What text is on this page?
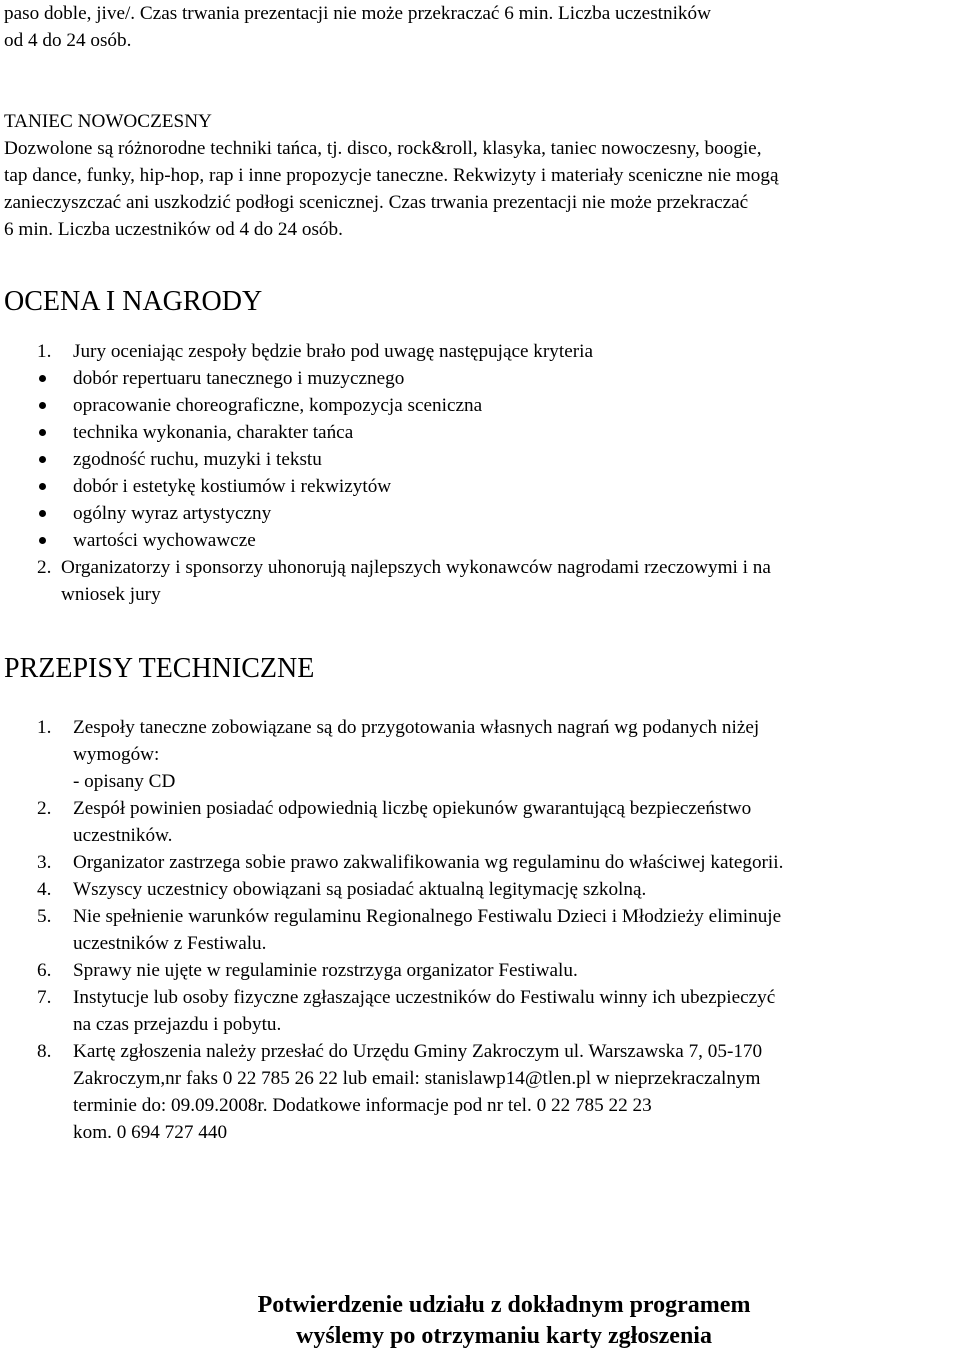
paso doble, jive/. Czas trwania prezentacji nie może przekraczać 6 min. Liczba uczestników

od 4 do 24 osób.

TANIEC NOWOCZESNY

Dozwolone są różnorodne techniki tańca, tj. disco, rock&roll, klasyka, taniec nowoczesny, boogie,

tap dance, funky, hip-hop, rap i inne propozycje taneczne. Rekwizyty i materiały sceniczne nie mogą

zanieczyszczać ani uszkodzić podłogi scenicznej. Czas trwania prezentacji nie może przekraczać

6 min. Liczba uczestników od 4 do 24 osób.

OCENA I NAGRODY

1. Jury oceniając zespoły będzie brało pod uwagę następujące kryteria
dobór repertuaru tanecznego i muzycznego
opracowanie choreograficzne, kompozycja sceniczna
technika wykonania, charakter tańca
zgodność ruchu, muzyki i tekstu
dobór i estetykę kostiumów i rekwizytów
ogólny wyraz artystyczny
wartości wychowawcze

2. Organizatorzy i sponsorzy uhonorują najlepszych wykonawców nagrodami rzeczowymi i na

wniosek jury

PRZEPISY TECHNICZNE

1. Zespoły taneczne zobowiązane są do przygotowania własnych nagrań wg podanych niżej

wymogów:

- opisany CD

2. Zespół powinien posiadać odpowiednią liczbę opiekunów gwarantującą bezpieczeństwo

uczestników.

3. Organizator zastrzega sobie prawo zakwalifikowania wg regulaminu do właściwej kategorii.

4. Wszyscy uczestnicy obowiązani są posiadać aktualną legitymację szkolną.

5. Nie spełnienie warunków regulaminu Regionalnego Festiwalu Dzieci i Młodzieży eliminuje

uczestników z Festiwalu.

6. Sprawy nie ujęte w regulaminie rozstrzyga organizator Festiwalu.

7. Instytucje lub osoby fizyczne zgłaszające uczestników do Festiwalu winny ich ubezpieczyć

na czas przejazdu i pobytu.

8. Kartę zgłoszenia należy przesłać do Urzędu Gminy Zakroczym ul. Warszawska 7, 05-170

Zakroczym,nr faks 0 22 785 26 22 lub email: stanislawp14@tlen.pl w nieprzekraczalnym

terminie do: 09.09.2008r. Dodatkowe informacje pod nr tel. 0 22 785 22 23

kom. 0 694 727 440

Potwierdzenie udziału z dokładnym programem

wyślemy po otrzymaniu karty zgłoszenia
